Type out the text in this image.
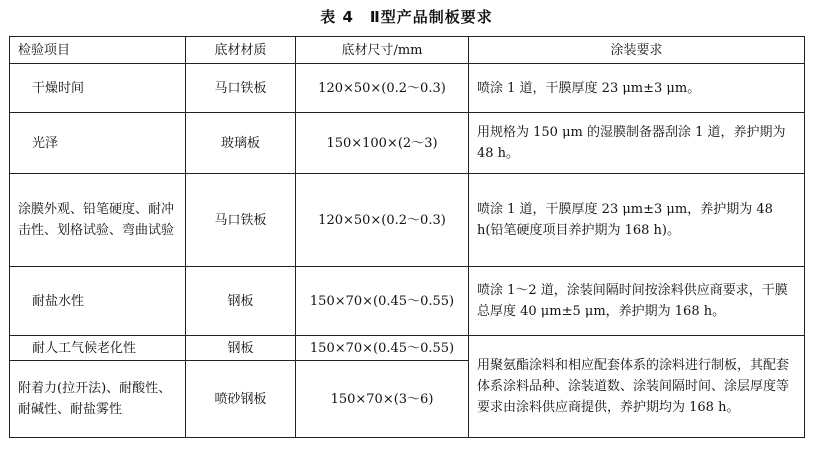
表 4　Ⅱ型产品制板要求
检验项目	底材材质	底材尺寸/mm	涂装要求
干燥时间	马口铁板	120×50×(0.2～0.3)	喷涂 1 道，干膜厚度 23 μm±3 μm。
光泽	玻璃板	150×100×(2～3)	用规格为 150 μm 的湿膜制备器刮涂 1 道，养护期为 48 h。
涂膜外观、铅笔硬度、耐冲击性、划格试验、弯曲试验	马口铁板	120×50×(0.2～0.3)	喷涂 1 道，干膜厚度 23 μm±3 μm，养护期为 48 h(铅笔硬度项目养护期为 168 h)。
耐盐水性	钢板	150×70×(0.45～0.55)	喷涂 1～2 道，涂装间隔时间按涂料供应商要求，干膜总厚度 40 μm±5 μm，养护期为 168 h。
耐人工气候老化性	钢板	150×70×(0.45～0.55)	用聚氨酯涂料和相应配套体系的涂料进行制板，其配套体系涂料品种、涂装道数、涂装间隔时间、涂层厚度等要求由涂料供应商提供，养护期均为 168 h。
附着力(拉开法)、耐酸性、耐碱性、耐盐雾性	喷砂钢板	150×70×(3～6)	
